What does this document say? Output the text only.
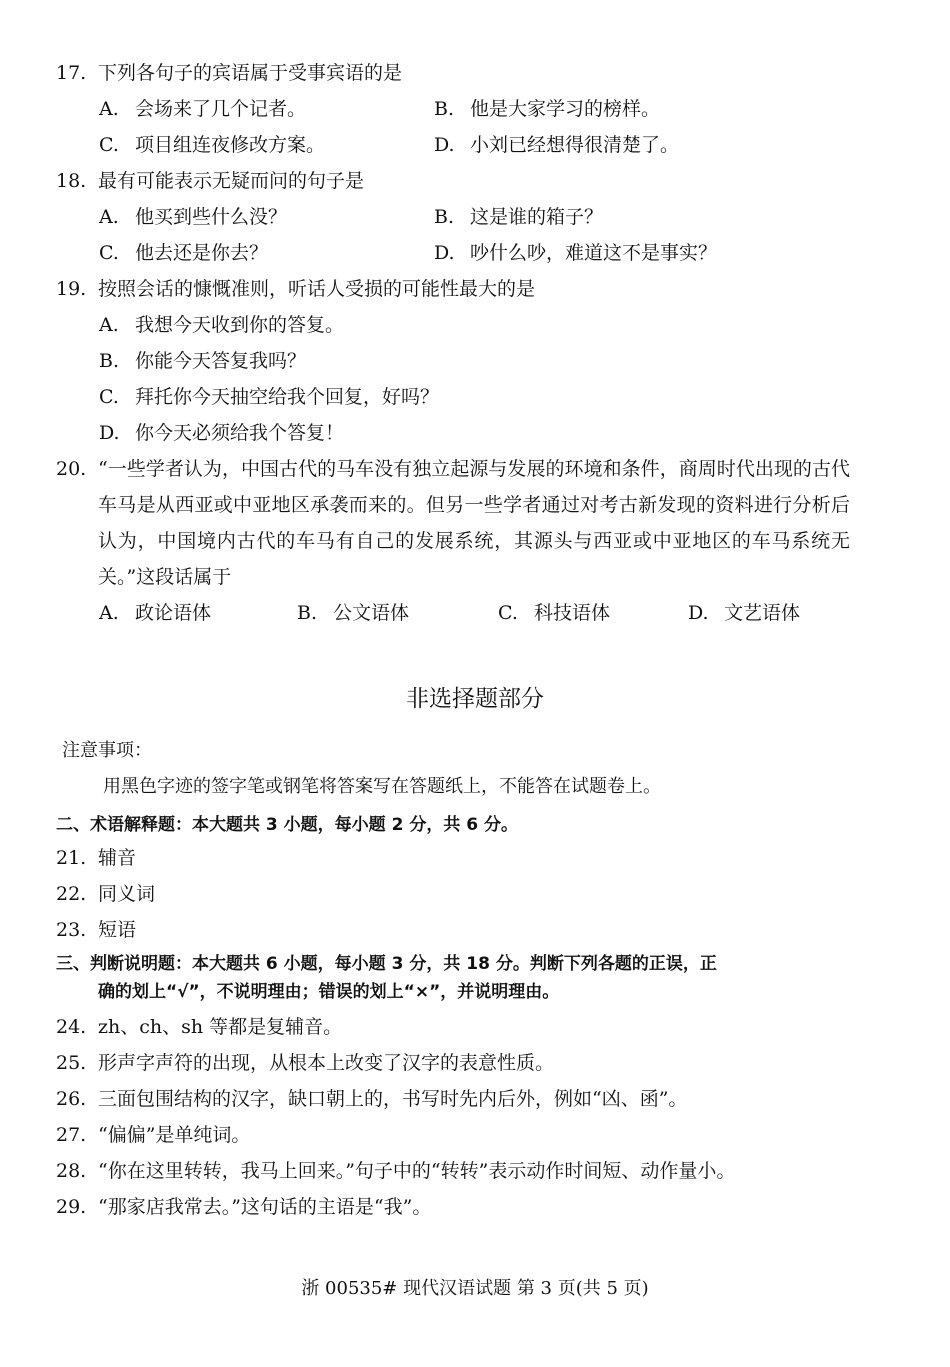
17. 下列各句子的宾语属于受事宾语的是
A. 会场来了几个记者。	B. 他是大家学习的榜样。
C. 项目组连夜修改方案。	D. 小刘已经想得很清楚了。
18. 最有可能表示无疑而问的句子是
A. 他买到些什么没？	B. 这是谁的箱子？
C. 他去还是你去？	D. 吵什么吵，难道这不是事实？
19. 按照会话的慷慨准则，听话人受损的可能性最大的是
A. 我想今天收到你的答复。
B. 你能今天答复我吗？
C. 拜托你今天抽空给我个回复，好吗？
D. 你今天必须给我个答复！
20. “一些学者认为，中国古代的马车没有独立起源与发展的环境和条件，商周时代出现的古代车马是从西亚或中亚地区承袭而来的。但另一些学者通过对考古新发现的资料进行分析后认为，中国境内古代的车马有自己的发展系统，其源头与西亚或中亚地区的车马系统无关。”这段话属于
A. 政论语体	B. 公文语体	C. 科技语体	D. 文艺语体
非选择题部分
注意事项：
用黑色字迹的签字笔或钢笔将答案写在答题纸上，不能答在试题卷上。
二、术语解释题：本大题共 3 小题，每小题 2 分，共 6 分。
21. 辅音
22. 同义词
23. 短语
三、判断说明题：本大题共 6 小题，每小题 3 分，共 18 分。判断下列各题的正误，正
确的划上“√”，不说明理由；错误的划上“×”，并说明理由。
24. zh、ch、sh 等都是复辅音。
25. 形声字声符的出现，从根本上改变了汉字的表意性质。
26. 三面包围结构的汉字，缺口朝上的，书写时先内后外，例如“凶、函”。
27. “偏偏”是单纯词。
28. “你在这里转转，我马上回来。”句子中的“转转”表示动作时间短、动作量小。
29. “那家店我常去。”这句话的主语是“我”。
浙 00535# 现代汉语试题 第 3 页(共 5 页)
